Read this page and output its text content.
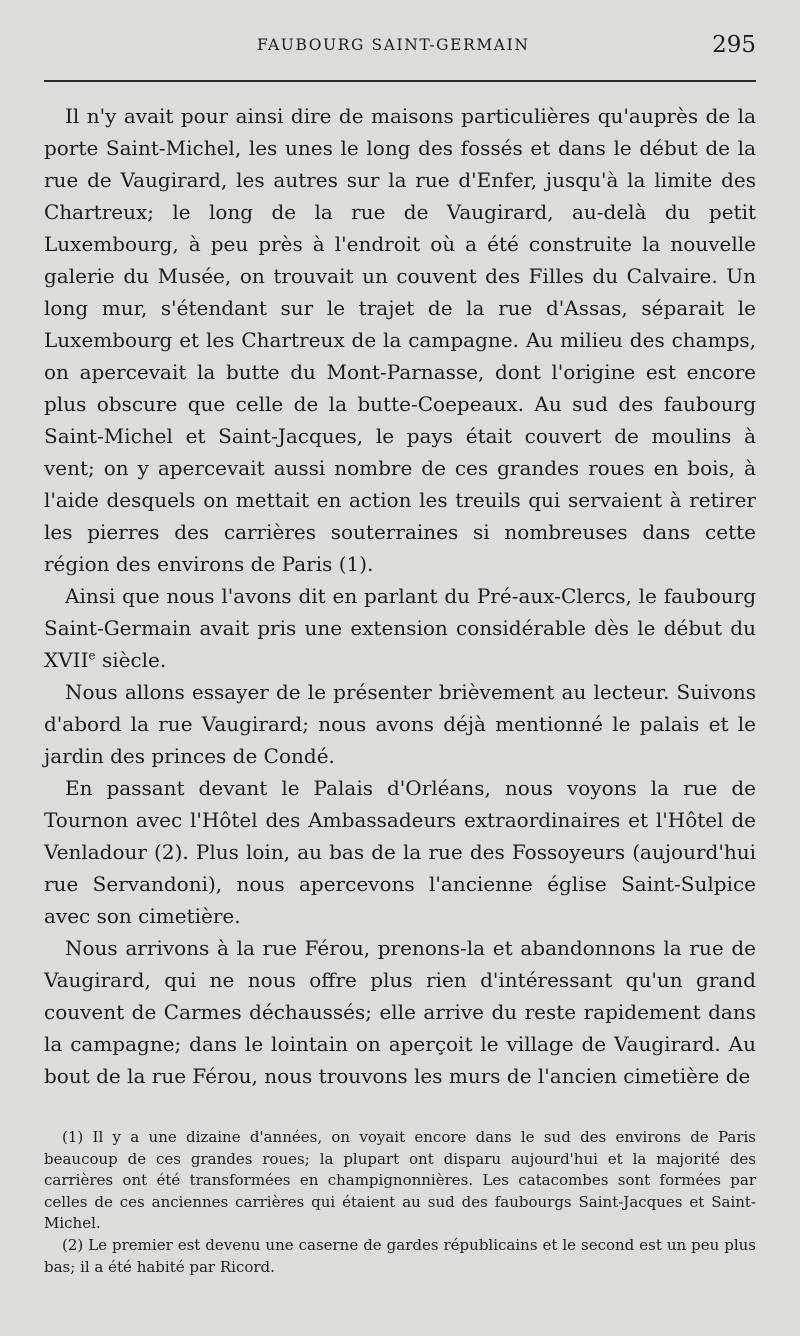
FAUBOURG SAINT-GERMAIN	295

Il n'y avait pour ainsi dire de maisons particulières qu'auprès de la porte Saint-Michel, les unes le long des fossés et dans le début de la rue de Vaugirard, les autres sur la rue d'Enfer, jusqu'à la limite des Chartreux; le long de la rue de Vaugirard, au-delà du petit Luxembourg, à peu près à l'endroit où a été construite la nouvelle galerie du Musée, on trouvait un couvent des Filles du Calvaire. Un long mur, s'étendant sur le trajet de la rue d'Assas, séparait le Luxembourg et les Chartreux de la campagne. Au milieu des champs, on apercevait la butte du Mont-Parnasse, dont l'origine est encore plus obscure que celle de la butte-Coepeaux. Au sud des faubourg Saint-Michel et Saint-Jacques, le pays était couvert de moulins à vent; on y apercevait aussi nombre de ces grandes roues en bois, à l'aide desquels on mettait en action les treuils qui servaient à retirer les pierres des carrières souterraines si nombreuses dans cette région des environs de Paris (1).

Ainsi que nous l'avons dit en parlant du Pré-aux-Clercs, le faubourg Saint-Germain avait pris une extension considérable dès le début du XVIIe siècle.

Nous allons essayer de le présenter brièvement au lecteur. Suivons d'abord la rue Vaugirard; nous avons déjà mentionné le palais et le jardin des princes de Condé.

En passant devant le Palais d'Orléans, nous voyons la rue de Tournon avec l'Hôtel des Ambassadeurs extraordinaires et l'Hôtel de Venladour (2). Plus loin, au bas de la rue des Fossoyeurs (aujourd'hui rue Servandoni), nous apercevons l'ancienne église Saint-Sulpice avec son cimetière.

Nous arrivons à la rue Férou, prenons-la et abandonnons la rue de Vaugirard, qui ne nous offre plus rien d'intéressant qu'un grand couvent de Carmes déchaussés; elle arrive du reste rapidement dans la campagne; dans le lointain on aperçoit le village de Vaugirard. Au bout de la rue Férou, nous trouvons les murs de l'ancien cimetière de

(1) Il y a une dizaine d'années, on voyait encore dans le sud des environs de Paris beaucoup de ces grandes roues; la plupart ont disparu aujourd'hui et la majorité des carrières ont été transformées en champignonnières. Les catacombes sont formées par celles de ces anciennes carrières qui étaient au sud des faubourgs Saint-Jacques et Saint-Michel.

(2) Le premier est devenu une caserne de gardes républicains et le second est un peu plus bas; il a été habité par Ricord.
